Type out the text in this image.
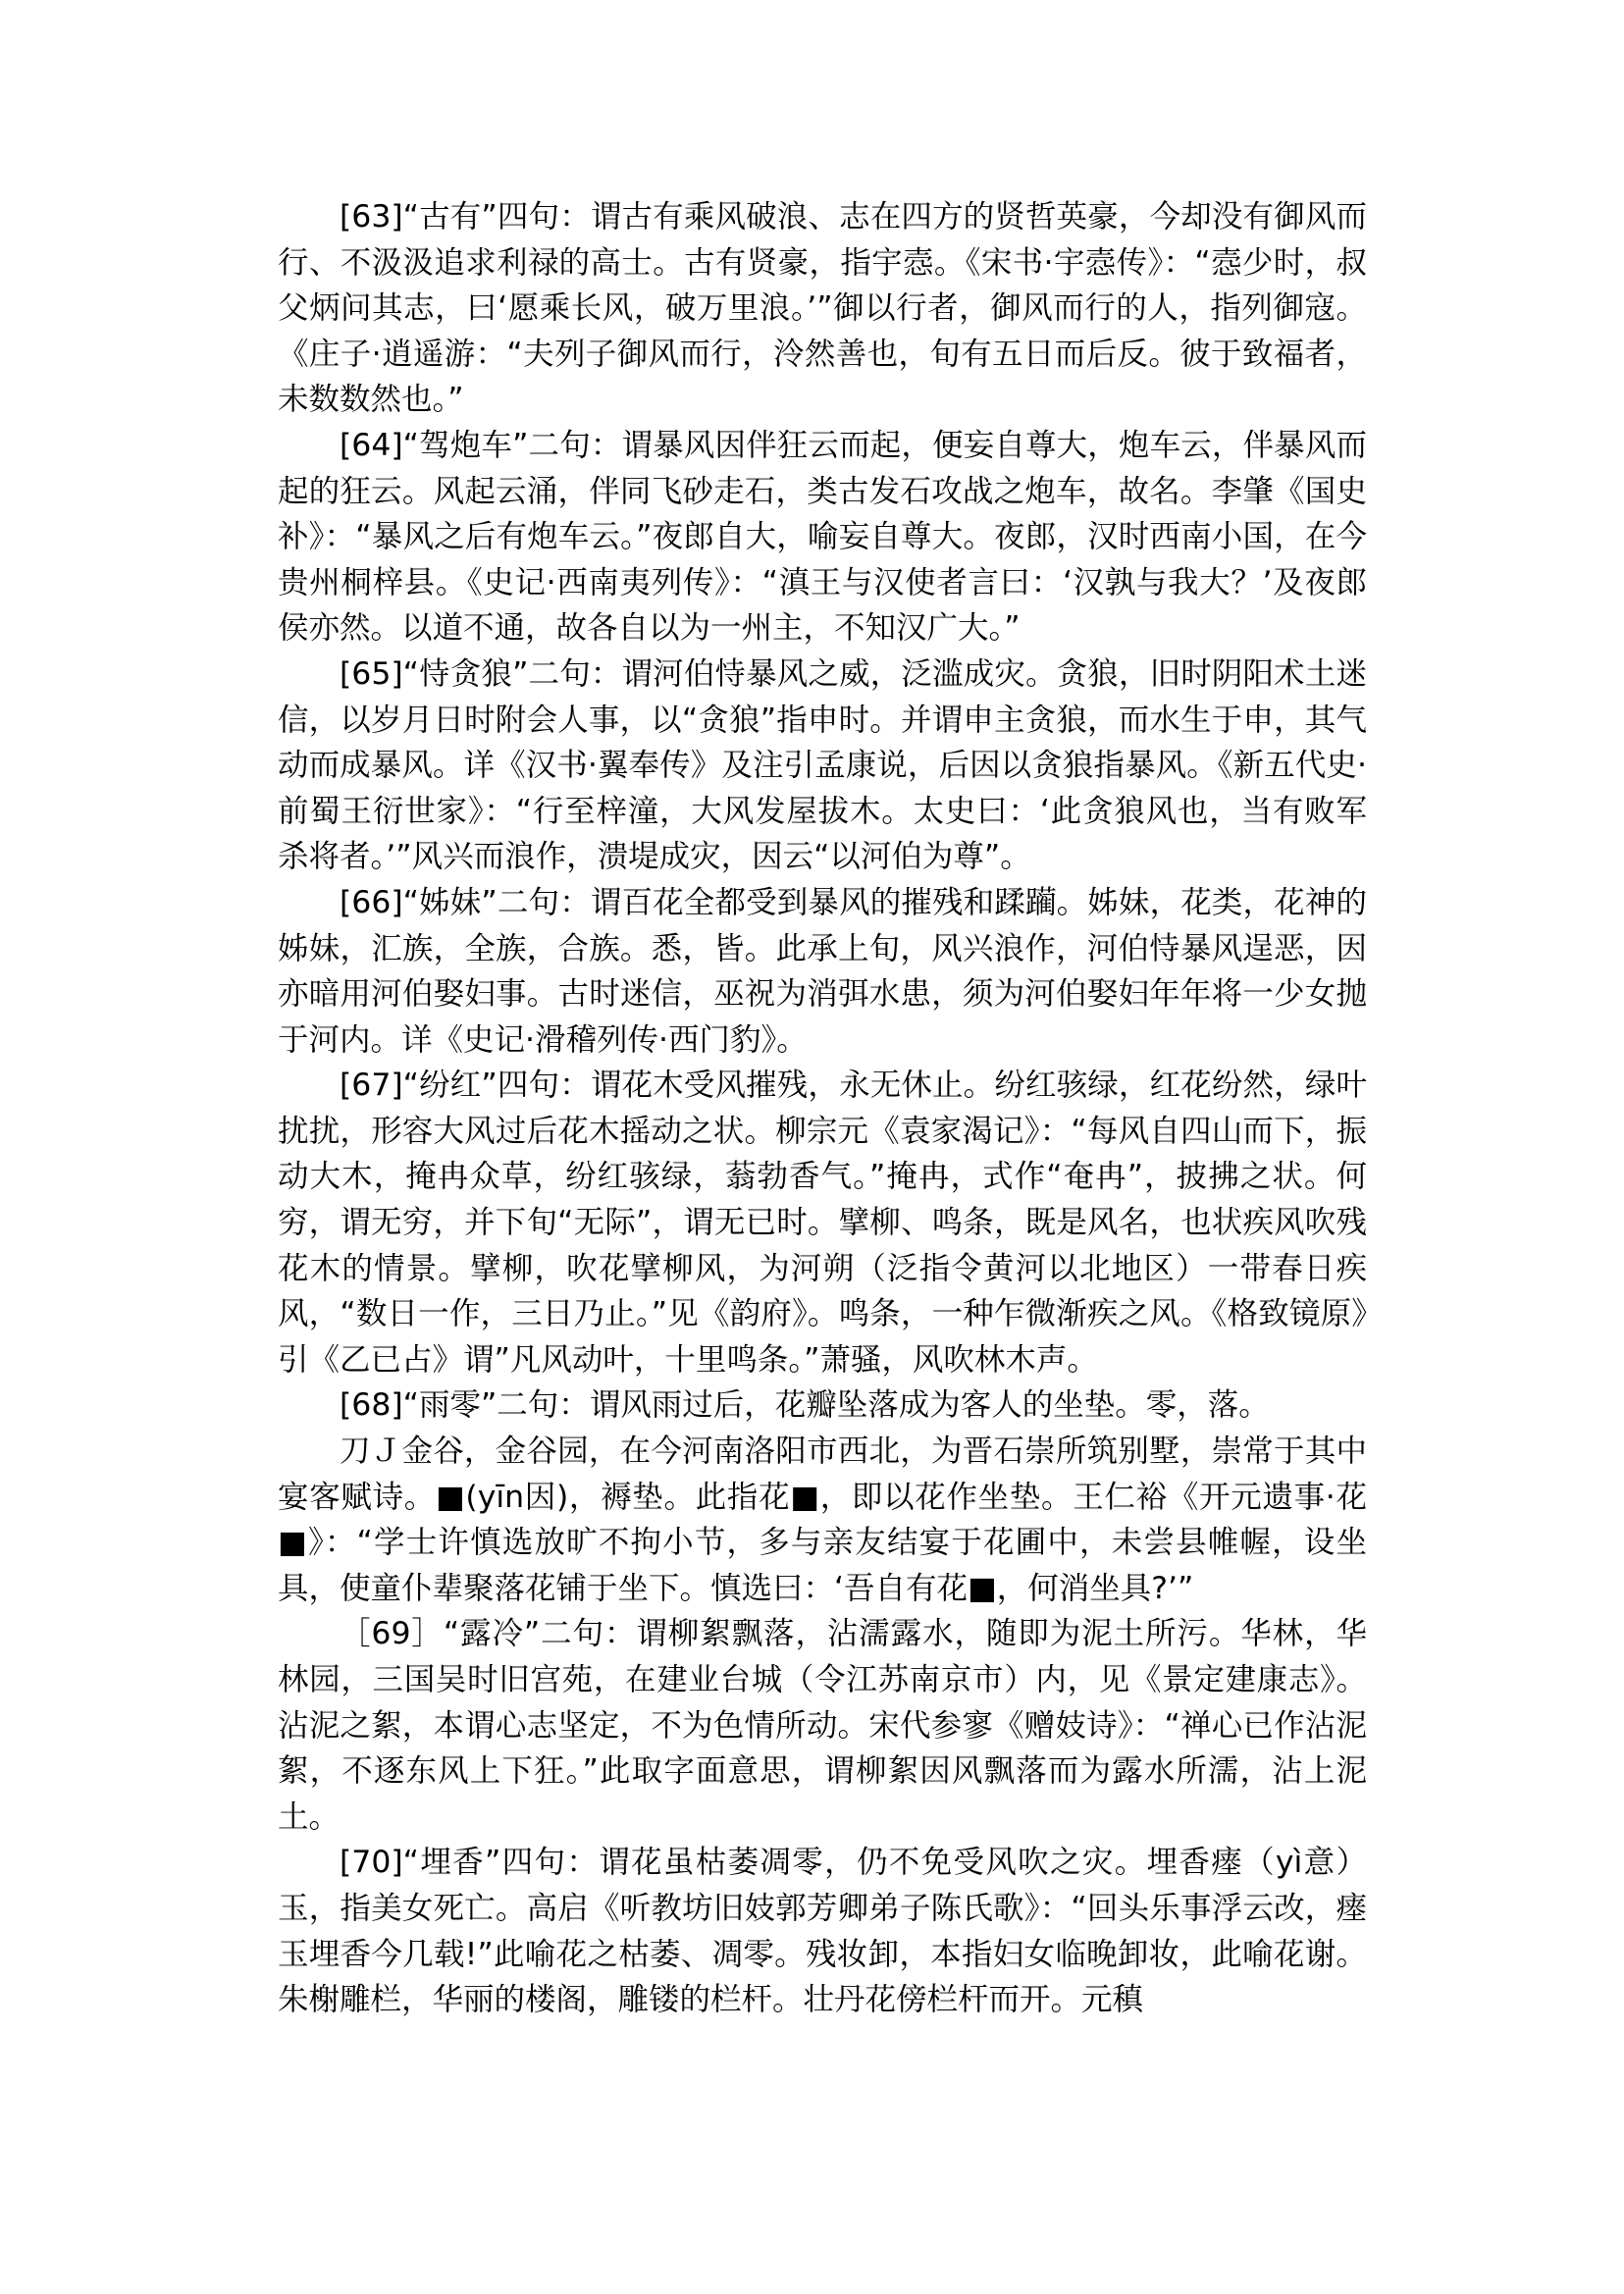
[63]“古有”四句：谓古有乘风破浪、志在四方的贤哲英豪，今却没有御风而行、不汲汲追求利禄的高士。古有贤豪，指宇悫。《宋书·宇悫传》：“悫少时，叔父炳问其志，曰‘愿乘长风，破万里浪。’”御以行者，御风而行的人，指列御寇。《庄子·逍遥游：“夫列子御风而行，泠然善也，旬有五日而后反。彼于致福者，未数数然也。”

[64]“驾炮车”二句：谓暴风因伴狂云而起，便妄自尊大，炮车云，伴暴风而起的狂云。风起云涌，伴同飞砂走石，类古发石攻战之炮车，故名。李肇《国史补》：“暴风之后有炮车云。”夜郎自大，喻妄自尊大。夜郎，汉时西南小国，在今贵州桐梓县。《史记·西南夷列传》：“滇王与汉使者言曰：‘汉孰与我大？’及夜郎侯亦然。以道不通，故各自以为一州主，不知汉广大。”

[65]“恃贪狼”二句：谓河伯恃暴风之威，泛滥成灾。贪狼，旧时阴阳术土迷信，以岁月日时附会人事，以“贪狼”指申时。并谓申主贪狼，而水生于申，其气动而成暴风。详《汉书·翼奉传》及注引孟康说，后因以贪狼指暴风。《新五代史·前蜀王衍世家》：“行至梓潼，大风发屋拔木。太史曰：‘此贪狼风也，当有败军杀将者。’”风兴而浪作，溃堤成灾，因云“以河伯为尊”。

[66]“姊妹”二句：谓百花全都受到暴风的摧残和蹂躏。姊妹，花类，花神的姊妹，汇族，全族，合族。悉，皆。此承上旬，风兴浪作，河伯恃暴风逞恶，因亦暗用河伯娶妇事。古时迷信，巫祝为消弭水患，须为河伯娶妇年年将一少女抛于河内。详《史记·滑稽列传·西门豹》。

[67]“纷红”四句：谓花木受风摧残，永无休止。纷红骇绿，红花纷然，绿叶扰扰，形容大风过后花木摇动之状。柳宗元《袁家渴记》：“每风自四山而下，振动大木，掩冉众草，纷红骇绿，蓊勃香气。”掩冉，式作“奄冉”，披拂之状。何穷，谓无穷，并下旬“无际”，谓无已时。擘柳、鸣条，既是风名，也状疾风吹残花木的情景。擘柳，吹花擘柳风，为河朔（泛指令黄河以北地区）一带春日疾风，“数日一作，三日乃止。”见《韵府》。鸣条，一种乍微渐疾之风。《格致镜原》引《乙已占》谓”凡风动叶，十里鸣条。”萧骚，风吹林木声。

[68]“雨零”二句：谓风雨过后，花瓣坠落成为客人的坐垫。零，落。

刀Ｊ金谷，金谷园，在今河南洛阳市西北，为晋石崇所筑别墅，崇常于其中宴客赋诗。■(yīn因)，褥垫。此指花■，即以花作坐垫。王仁裕《开元遗事·花■》：“学士许慎选放旷不拘小节，多与亲友结宴于花圃中，未尝县帷幄，设坐具，使童仆辈聚落花铺于坐下。慎选曰：‘吾自有花■，何消坐具?’”

［69］“露冷”二句：谓柳絮飘落，沾濡露水，随即为泥土所污。华林，华林园，三国吴时旧宫苑，在建业台城（令江苏南京市）内，见《景定建康志》。沾泥之絮，本谓心志坚定，不为色情所动。宋代参寥《赠妓诗》：“禅心已作沾泥絮，不逐东风上下狂。”此取字面意思，谓柳絮因风飘落而为露水所濡，沾上泥土。

[70]“埋香”四句：谓花虽枯萎凋零，仍不免受风吹之灾。埋香瘗（yì意）玉，指美女死亡。高启《听教坊旧妓郭芳卿弟子陈氏歌》：“回头乐事浮云改，瘗玉埋香今几载!”此喻花之枯萎、凋零。残妆卸，本指妇女临晚卸妆，此喻花谢。朱榭雕栏，华丽的楼阁，雕镂的栏杆。壮丹花傍栏杆而开。元稹
